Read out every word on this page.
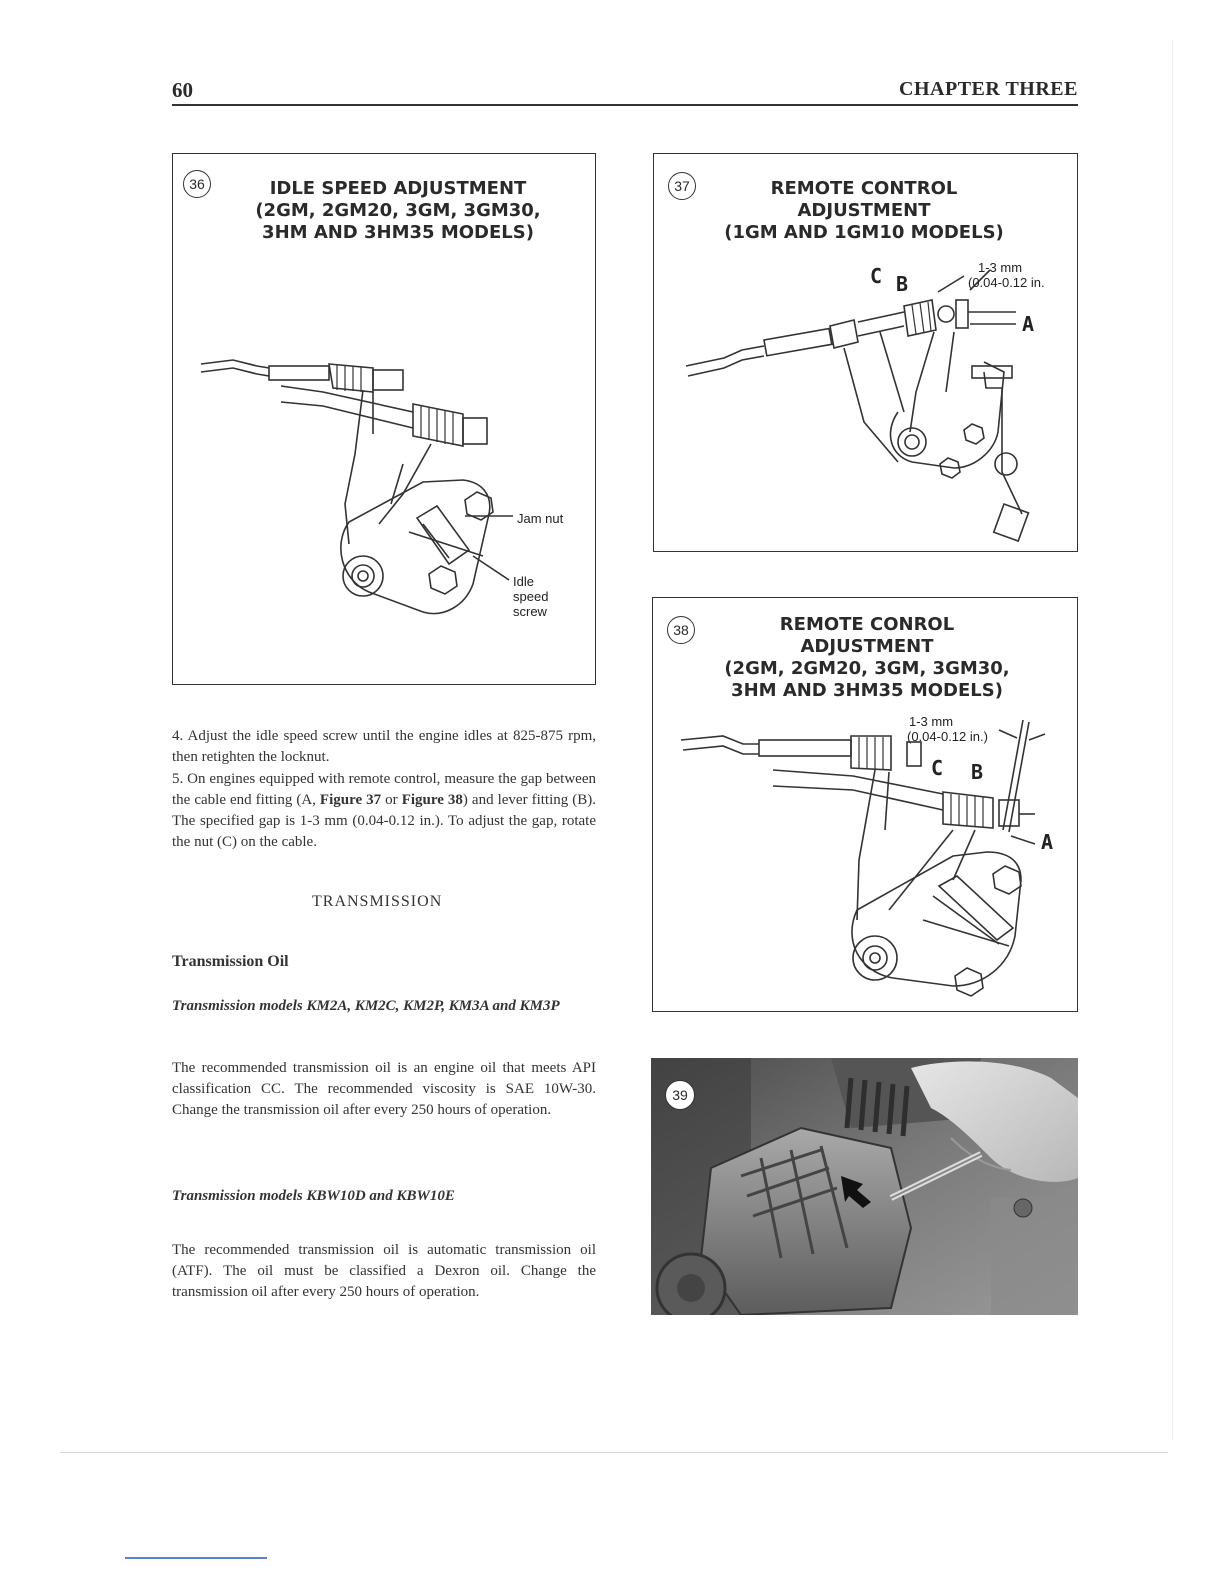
60	CHAPTER THREE
36	IDLE SPEED ADJUSTMENT
(2GM, 2GM20, 3GM, 3GM30,
3HM AND 3HM35 MODELS)
Jam nut
Idle
speed
screw
37	REMOTE CONTROL
ADJUSTMENT
(1GM AND 1GM10 MODELS)
C B
A
1-3 mm
(0.04-0.12 in.
38	REMOTE CONROL
ADJUSTMENT
(2GM, 2GM20, 3GM, 3GM30,
3HM AND 3HM35 MODELS)
C B
A
1-3 mm
(0.04-0.12 in.)
39
4. Adjust the idle speed screw until the engine idles at 825-875 rpm, then retighten the locknut.
5. On engines equipped with remote control, measure the gap between the cable end fitting (A, Figure 37 or Figure 38) and lever fitting (B). The specified gap is 1-3 mm (0.04-0.12 in.). To adjust the gap, rotate the nut (C) on the cable.
TRANSMISSION
Transmission Oil
Transmission models KM2A, KM2C, KM2P, KM3A and KM3P
The recommended transmission oil is an engine oil that meets API classification CC. The recommended viscosity is SAE 10W-30. Change the transmission oil after every 250 hours of operation.
Transmission models KBW10D and KBW10E
The recommended transmission oil is automatic transmission oil (ATF). The oil must be classified a Dexron oil. Change the transmission oil after every 250 hours of operation.
